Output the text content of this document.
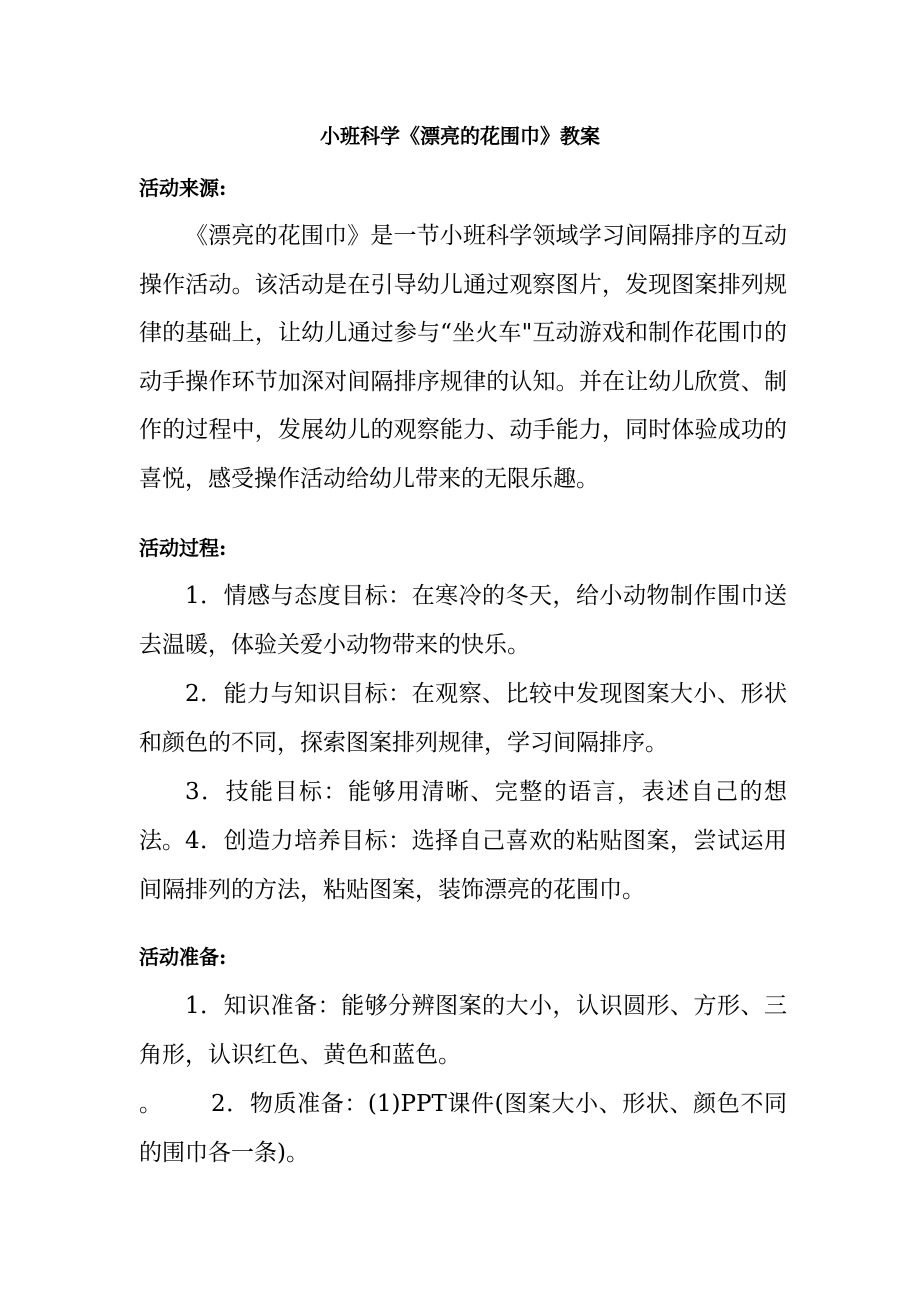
小班科学《漂亮的花围巾》教案
活动来源:

《漂亮的花围巾》是一节小班科学领域学习间隔排序的互动操作活动。该活动是在引导幼儿通过观察图片，发现图案排列规律的基础上，让幼儿通过参与“坐火车"互动游戏和制作花围巾的动手操作环节加深对间隔排序规律的认知。并在让幼儿欣赏、制作的过程中，发展幼儿的观察能力、动手能力，同时体验成功的喜悦，感受操作活动给幼儿带来的无限乐趣。

活动过程:

1．情感与态度目标：在寒冷的冬天，给小动物制作围巾送去温暖，体验关爱小动物带来的快乐。

2．能力与知识目标：在观察、比较中发现图案大小、形状和颜色的不同，探索图案排列规律，学习间隔排序。

3．技能目标：能够用清晰、完整的语言，表述自己的想法。 4．创造力培养目标：选择自己喜欢的粘贴图案，尝试运用间隔排列的方法，粘贴图案，装饰漂亮的花围巾。

活动准备:

1．知识准备：能够分辨图案的大小，认识圆形、方形、三角形，认识红色、黄色和蓝色。

。 2．物质准备：(1)PPT课件(图案大小、形状、颜色不同的围巾各一条)。
